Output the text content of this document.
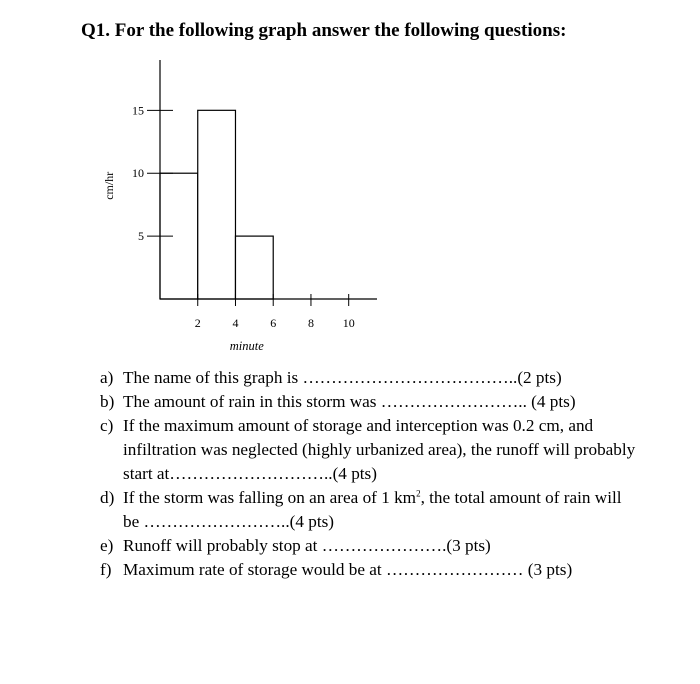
Q1. For the following graph answer the following questions:
5
10
15
2	4	6	8 10
minute
cm/hr
a) The name of this graph is ………………………………..(2 pts)
b) The amount of rain in this storm was …………………….. (4 pts)
c) If the maximum amount of storage and interception was 0.2 cm, and infiltration was neglected (highly urbanized area), the runoff will probably start at………………………..(4 pts)
d) If the storm was falling on an area of 1 $km^2$, the total amount of rain will be ……………………..(4 pts)
e) Runoff will probably stop at ………………….(3 pts)
f) Maximum rate of storage would be at …………………… (3 pts)
